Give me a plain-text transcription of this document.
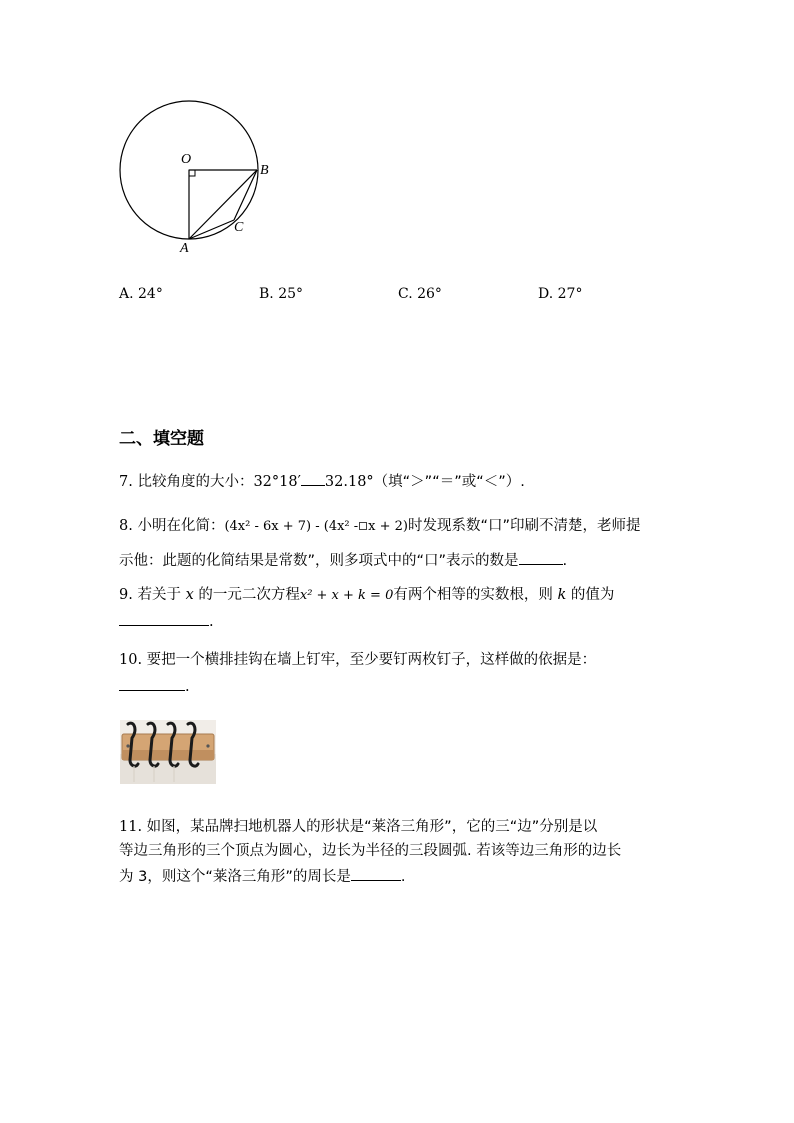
O
B
C
A
A. 24°	B. 25°	C. 26°	D. 27°
二、填空题
7. 比较角度的大小：32°18′ 32.18°（填“＞”“＝”或“＜”）.
8. 小明在化简：(4x² - 6x + 7) - (4x² - x + 2)时发现系数“口”印刷不清楚，老师提
示他：此题的化简结果是常数”，则多项式中的“口”表示的数是	.
9. 若关于 x 的一元二次方程x² + x + k = 0有两个相等的实数根，则 k 的值为
.
10. 要把一个横排挂钩在墙上钉牢，至少要钉两枚钉子，这样做的依据是：
.
11. 如图，某品牌扫地机器人的形状是“莱洛三角形”，它的三“边”分别是以
等边三角形的三个顶点为圆心，边长为半径的三段圆弧. 若该等边三角形的边长
为 3，则这个“莱洛三角形”的周长是	.
